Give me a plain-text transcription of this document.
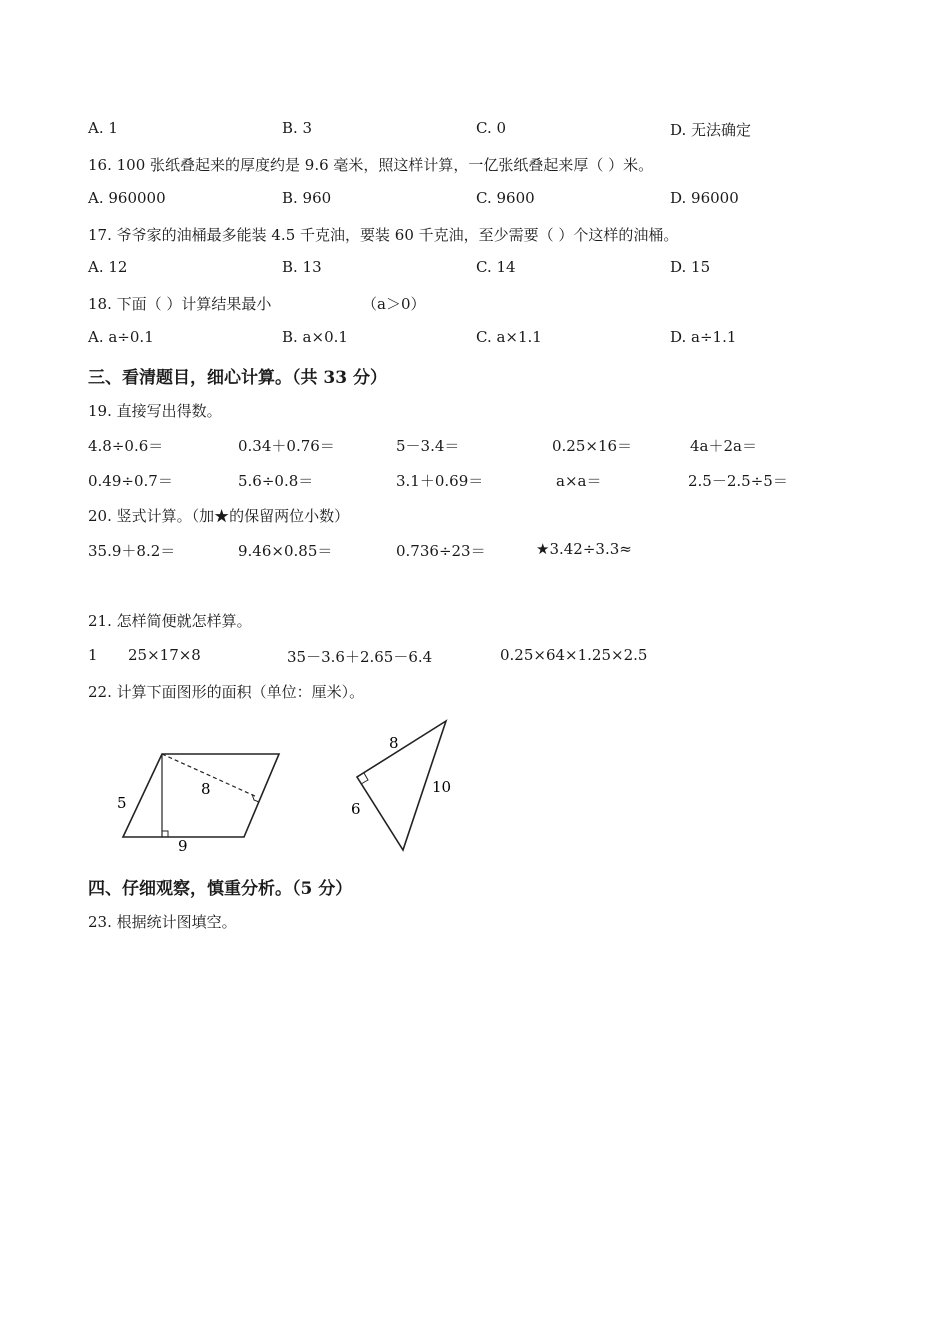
A. 1	B. 3	C. 0	D. 无法确定
16. 100 张纸叠起来的厚度约是 9.6 毫米，照这样计算，一亿张纸叠起来厚（ ）米。
A. 960000	B. 960	C. 9600	D. 96000
17. 爷爷家的油桶最多能装 4.5 千克油，要装 60 千克油，至少需要（ ）个这样的油桶。
A. 12	B. 13	C. 14	D. 15
18. 下面（ ）计算结果最小	（a＞0）
A. a÷0.1	B. a×0.1	C. a×1.1	D. a÷1.1
三、看清题目，细心计算。（共 33 分）
19. 直接写出得数。
4.8÷0.6＝	0.34＋0.76＝	5－3.4＝	0.25×16＝	4a＋2a＝
0.49÷0.7＝	5.6÷0.8＝	3.1＋0.69＝	a×a＝	2.5－2.5÷5＝
20. 竖式计算。（加★的保留两位小数）
35.9＋8.2＝	9.46×0.85＝	0.736÷23＝	★3.42÷3.3≈
21. 怎样简便就怎样算。
1 25×17×8	35－3.6＋2.65－6.4	0.25×64×1.25×2.5
22. 计算下面图形的面积（单位：厘米）。
5
8
9
8
6
10
四、仔细观察，慎重分析。（5 分）
23. 根据统计图填空。
